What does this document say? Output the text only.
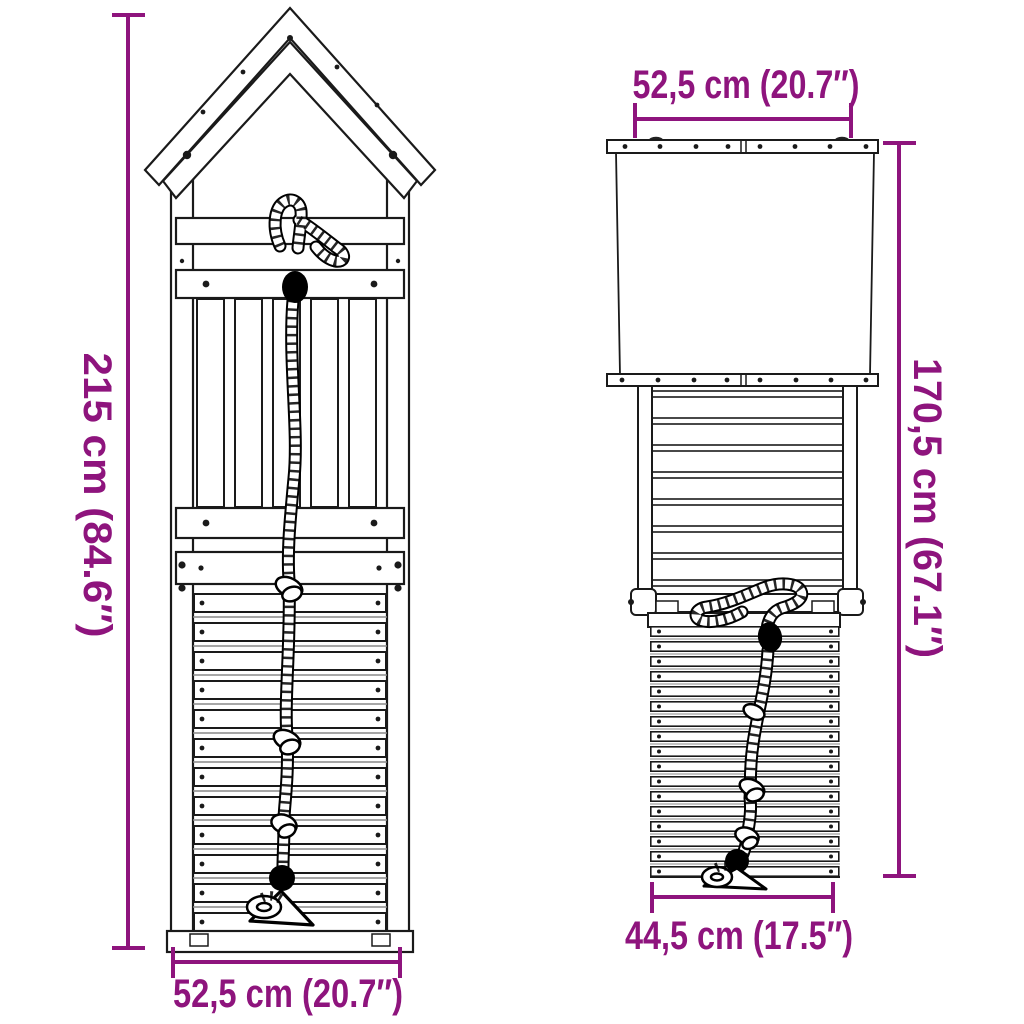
215 cm (84.6″)
52,5 cm (20.7″)
52,5 cm (20.7″)
170,5 cm (67.1″)
44,5 cm (17.5″)
